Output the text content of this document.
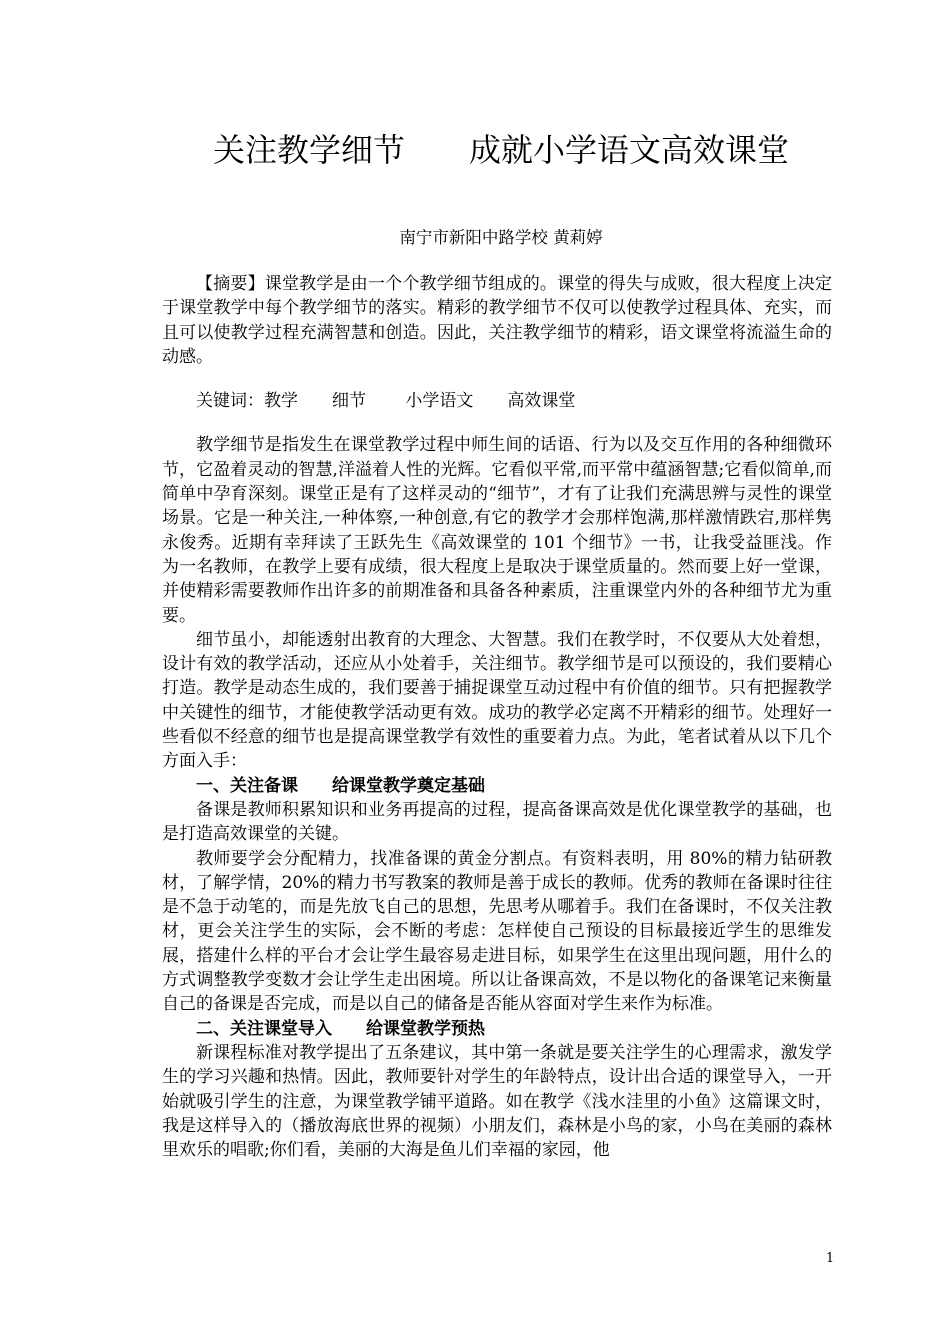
关注教学细节　　成就小学语文高效课堂
南宁市新阳中路学校 黄莉婷

【摘要】课堂教学是由一个个教学细节组成的。课堂的得失与成败，很大程度上决定于课堂教学中每个教学细节的落实。精彩的教学细节不仅可以使教学过程具体、充实，而且可以使教学过程充满智慧和创造。因此，关注教学细节的精彩，语文课堂将流溢生命的动感。

关键词：教学　　细节　　 小学语文　　高效课堂

教学细节是指发生在课堂教学过程中师生间的话语、行为以及交互作用的各种细微环节，它盈着灵动的智慧,洋溢着人性的光辉。它看似平常,而平常中蕴涵智慧;它看似简单,而简单中孕育深刻。课堂正是有了这样灵动的“细节”，才有了让我们充满思辨与灵性的课堂场景。它是一种关注,一种体察,一种创意,有它的教学才会那样饱满,那样激情跌宕,那样隽永俊秀。近期有幸拜读了王跃先生《高效课堂的 101 个细节》一书，让我受益匪浅。作为一名教师，在教学上要有成绩，很大程度上是取决于课堂质量的。然而要上好一堂课，并使精彩需要教师作出许多的前期准备和具备各种素质，注重课堂内外的各种细节尤为重要。

细节虽小，却能透射出教育的大理念、大智慧。我们在教学时，不仅要从大处着想，设计有效的教学活动，还应从小处着手，关注细节。教学细节是可以预设的，我们要精心打造。教学是动态生成的，我们要善于捕捉课堂互动过程中有价值的细节。只有把握教学中关键性的细节，才能使教学活动更有效。成功的教学必定离不开精彩的细节。处理好一些看似不经意的细节也是提高课堂教学有效性的重要着力点。为此，笔者试着从以下几个方面入手：

一、关注备课　　给课堂教学奠定基础

备课是教师积累知识和业务再提高的过程，提高备课高效是优化课堂教学的基础，也是打造高效课堂的关键。

教师要学会分配精力，找准备课的黄金分割点。有资料表明，用 80%的精力钻研教材，了解学情，20%的精力书写教案的教师是善于成长的教师。优秀的教师在备课时往往是不急于动笔的，而是先放飞自己的思想，先思考从哪着手。我们在备课时，不仅关注教材，更会关注学生的实际，会不断的考虑：怎样使自己预设的目标最接近学生的思维发展，搭建什么样的平台才会让学生最容易走进目标，如果学生在这里出现问题，用什么的方式调整教学变数才会让学生走出困境。所以让备课高效，不是以物化的备课笔记来衡量自己的备课是否完成，而是以自己的储备是否能从容面对学生来作为标准。

二、关注课堂导入　　给课堂教学预热

新课程标准对教学提出了五条建议，其中第一条就是要关注学生的心理需求，激发学生的学习兴趣和热情。因此，教师要针对学生的年龄特点，设计出合适的课堂导入，一开始就吸引学生的注意，为课堂教学铺平道路。如在教学《浅水洼里的小鱼》这篇课文时，我是这样导入的（播放海底世界的视频）小朋友们，森林是小鸟的家，小鸟在美丽的森林里欢乐的唱歌;你们看，美丽的大海是鱼儿们幸福的家园，他

1
